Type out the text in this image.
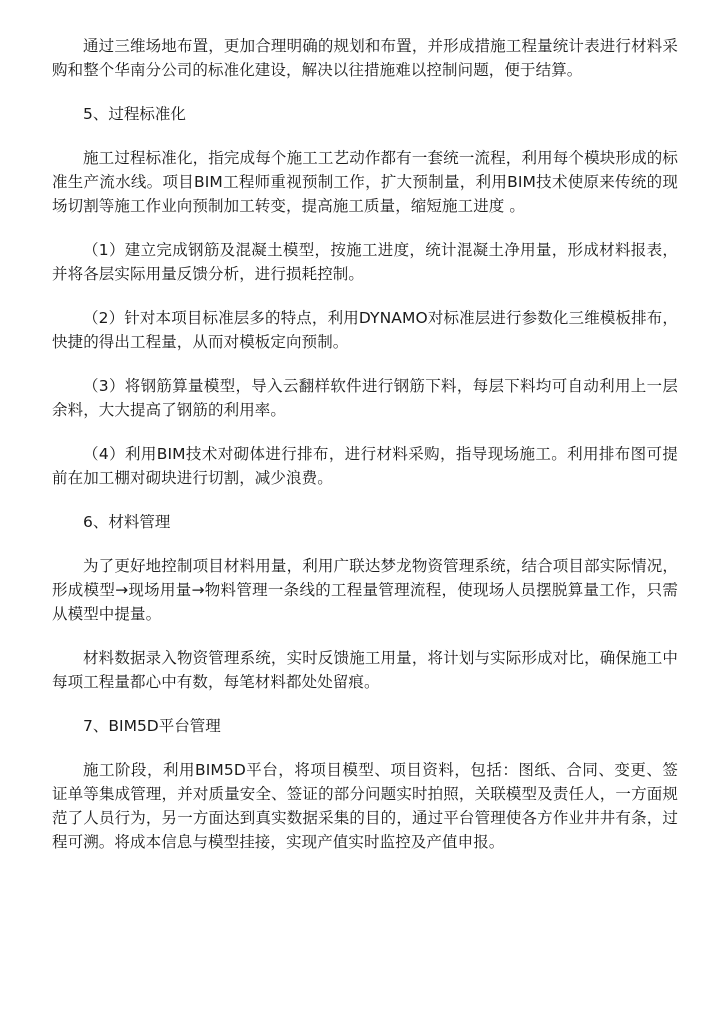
通过三维场地布置，更加合理明确的规划和布置，并形成措施工程量统计表进行材料采购和整个华南分公司的标准化建设，解决以往措施难以控制问题，便于结算。

5、过程标准化

施工过程标准化，指完成每个施工工艺动作都有一套统一流程，利用每个模块形成的标准生产流水线。项目BIM工程师重视预制工作，扩大预制量，利用BIM技术使原来传统的现场切割等施工作业向预制加工转变，提高施工质量，缩短施工进度 。

（1）建立完成钢筋及混凝土模型，按施工进度，统计混凝土净用量，形成材料报表，并将各层实际用量反馈分析，进行损耗控制。

（2）针对本项目标准层多的特点，利用DYNAMO对标准层进行参数化三维模板排布，快捷的得出工程量，从而对模板定向预制。

（3）将钢筋算量模型，导入云翻样软件进行钢筋下料，每层下料均可自动利用上一层余料，大大提高了钢筋的利用率。

（4）利用BIM技术对砌体进行排布，进行材料采购，指导现场施工。利用排布图可提前在加工棚对砌块进行切割，减少浪费。

6、材料管理

为了更好地控制项目材料用量，利用广联达梦龙物资管理系统，结合项目部实际情况，形成模型→现场用量→物料管理一条线的工程量管理流程，使现场人员摆脱算量工作，只需从模型中提量。

材料数据录入物资管理系统，实时反馈施工用量，将计划与实际形成对比，确保施工中每项工程量都心中有数，每笔材料都处处留痕。

7、BIM5D平台管理

施工阶段，利用BIM5D平台，将项目模型、项目资料，包括：图纸、合同、变更、签证单等集成管理，并对质量安全、签证的部分问题实时拍照，关联模型及责任人，一方面规范了人员行为，另一方面达到真实数据采集的目的，通过平台管理使各方作业井井有条，过程可溯。将成本信息与模型挂接，实现产值实时监控及产值申报。
